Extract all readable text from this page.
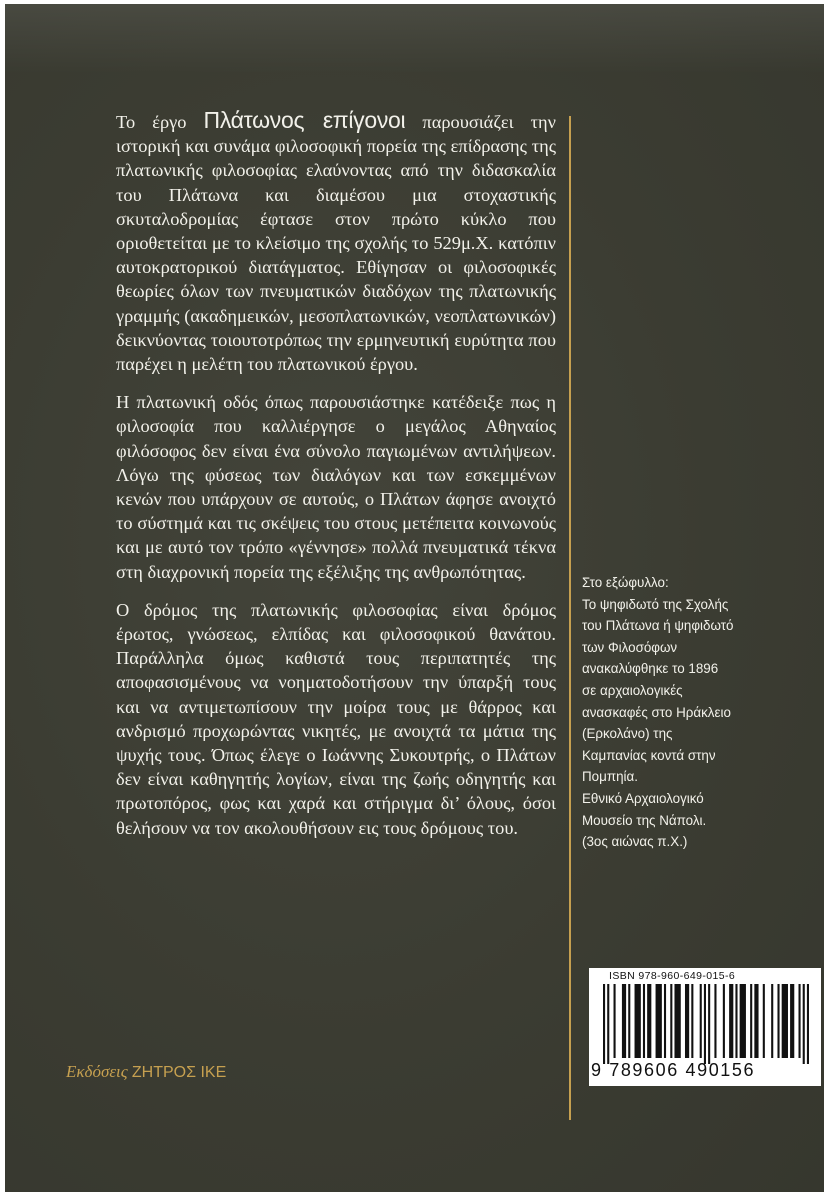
Το έργο Πλάτωνος επίγονοι παρουσιάζει την ιστορική και συνάμα φιλοσοφική πορεία της επίδρασης της πλατωνικής φιλοσοφίας ελαύνοντας από την διδασκαλία του Πλάτωνα και διαμέσου μια στοχαστικής σκυταλοδρομίας έφτασε στον πρώτο κύκλο που οριοθετείται με το κλείσιμο της σχολής το 529μ.Χ. κατόπιν αυτοκρατορικού διατάγματος. Εθίγησαν οι φιλοσοφικές θεωρίες όλων των πνευματικών διαδόχων της πλατωνικής γραμμής (ακαδημεικών, μεσοπλατωνικών, νεοπλατωνικών) δεικνύοντας τοιουτοτρόπως την ερμηνευτική ευρύτητα που παρέχει η μελέτη του πλατωνικού έργου.

Η πλατωνική οδός όπως παρουσιάστηκε κατέδειξε πως η φιλοσοφία που καλλιέργησε ο μεγάλος Αθηναίος φιλόσοφος δεν είναι ένα σύνολο παγιωμένων αντιλήψεων. Λόγω της φύσεως των διαλόγων και των εσκεμμένων κενών που υπάρχουν σε αυτούς, ο Πλάτων άφησε ανοιχτό το σύστημά και τις σκέψεις του στους μετέπειτα κοινωνούς και με αυτό τον τρόπο «γέννησε» πολλά πνευματικά τέκνα στη διαχρονική πορεία της εξέλιξης της ανθρωπότητας.

Ο δρόμος της πλατωνικής φιλοσοφίας είναι δρόμος έρωτος, γνώσεως, ελπίδας και φιλοσοφικού θανάτου. Παράλληλα όμως καθιστά τους περιπατητές της αποφασισμένους να νοηματοδοτήσουν την ύπαρξή τους και να αντιμετωπίσουν την μοίρα τους με θάρρος και ανδρισμό προχωρώντας νικητές, με ανοιχτά τα μάτια της ψυχής τους. Όπως έλεγε ο Ιωάννης Συκουτρής, ο Πλάτων δεν είναι καθηγητής λογίων, είναι της ζωής οδηγητής και πρωτοπόρος, φως και χαρά και στήριγμα δι’ όλους, όσοι θελήσουν να τον ακολουθήσουν εις τους δρόμους του.

Στο εξώφυλλο:
Το ψηφιδωτό της Σχολής
του Πλάτωνα ή ψηφιδωτό
των Φιλοσόφων
ανακαλύφθηκε το 1896
σε αρχαιολογικές
ανασκαφές στο Ηράκλειο
(Ερκολάνο) της
Καμπανίας κοντά στην
Πομπηία.
Εθνικό Αρχαιολογικό
Μουσείο της Νάπολι.
(3ος αιώνας π.Χ.)
ISBN 978-960-649-015-6
9 789606 490156
Εκδόσεις ΖΗΤΡΟΣ ΙΚΕ
